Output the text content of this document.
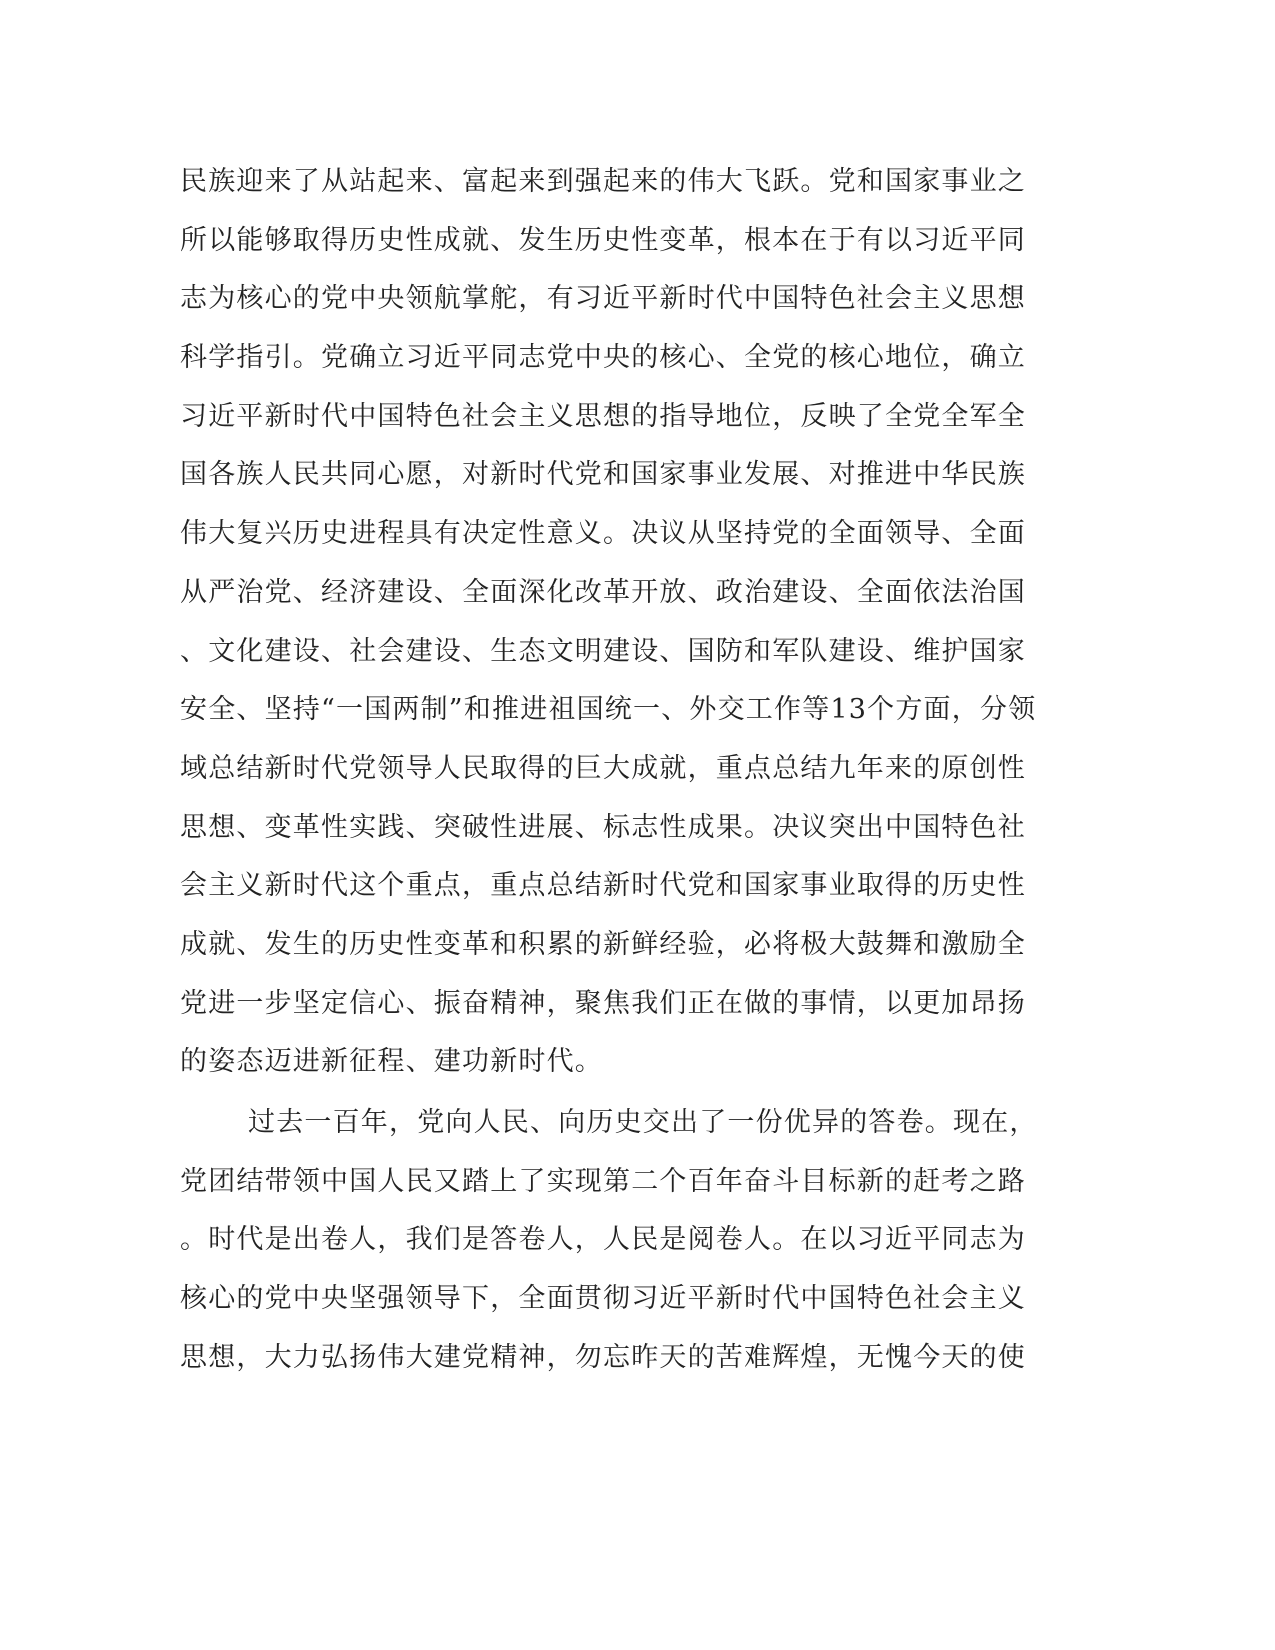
民族迎来了从站起来、富起来到强起来的伟大飞跃。党和国家事业之
所以能够取得历史性成就、发生历史性变革，根本在于有以习近平同
志为核心的党中央领航掌舵，有习近平新时代中国特色社会主义思想
科学指引。党确立习近平同志党中央的核心、全党的核心地位，确立
习近平新时代中国特色社会主义思想的指导地位，反映了全党全军全
国各族人民共同心愿，对新时代党和国家事业发展、对推进中华民族
伟大复兴历史进程具有决定性意义。决议从坚持党的全面领导、全面
从严治党、经济建设、全面深化改革开放、政治建设、全面依法治国
、文化建设、社会建设、生态文明建设、国防和军队建设、维护国家
安全、坚持“一国两制”和推进祖国统一、外交工作等13个方面，分领
域总结新时代党领导人民取得的巨大成就，重点总结九年来的原创性
思想、变革性实践、突破性进展、标志性成果。决议突出中国特色社
会主义新时代这个重点，重点总结新时代党和国家事业取得的历史性
成就、发生的历史性变革和积累的新鲜经验，必将极大鼓舞和激励全
党进一步坚定信心、振奋精神，聚焦我们正在做的事情，以更加昂扬
的姿态迈进新征程、建功新时代。
过去一百年，党向人民、向历史交出了一份优异的答卷。现在，
党团结带领中国人民又踏上了实现第二个百年奋斗目标新的赶考之路
。时代是出卷人，我们是答卷人，人民是阅卷人。在以习近平同志为
核心的党中央坚强领导下，全面贯彻习近平新时代中国特色社会主义
思想，大力弘扬伟大建党精神，勿忘昨天的苦难辉煌，无愧今天的使
